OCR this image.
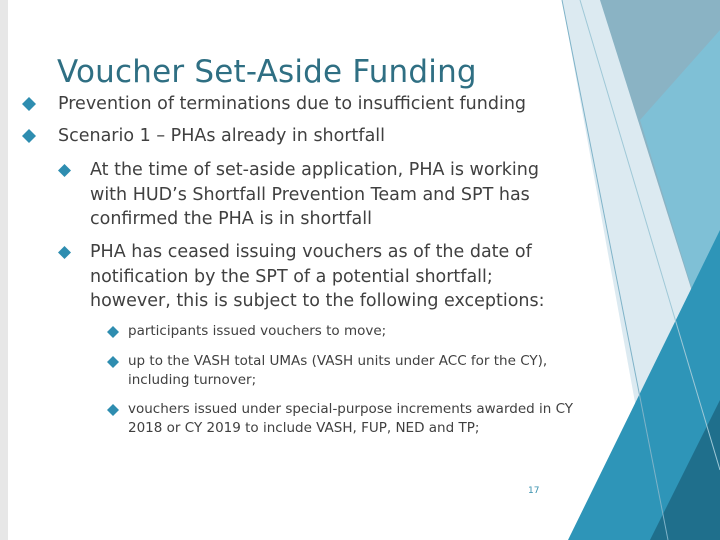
Voucher Set-Aside Funding
Prevention of terminations due to insufficient funding
Scenario 1 – PHAs already in shortfall
At the time of set-aside application, PHA is working with HUD’s Shortfall Prevention Team and SPT has confirmed the PHA is in shortfall
PHA has ceased issuing vouchers as of the date of notification by the SPT of a potential shortfall; however, this is subject to the following exceptions:
participants issued vouchers to move;
up to the VASH total UMAs (VASH units under ACC for the CY), including turnover;
vouchers issued under special-purpose increments awarded in CY 2018 or CY 2019 to include VASH, FUP, NED and TP;
17
